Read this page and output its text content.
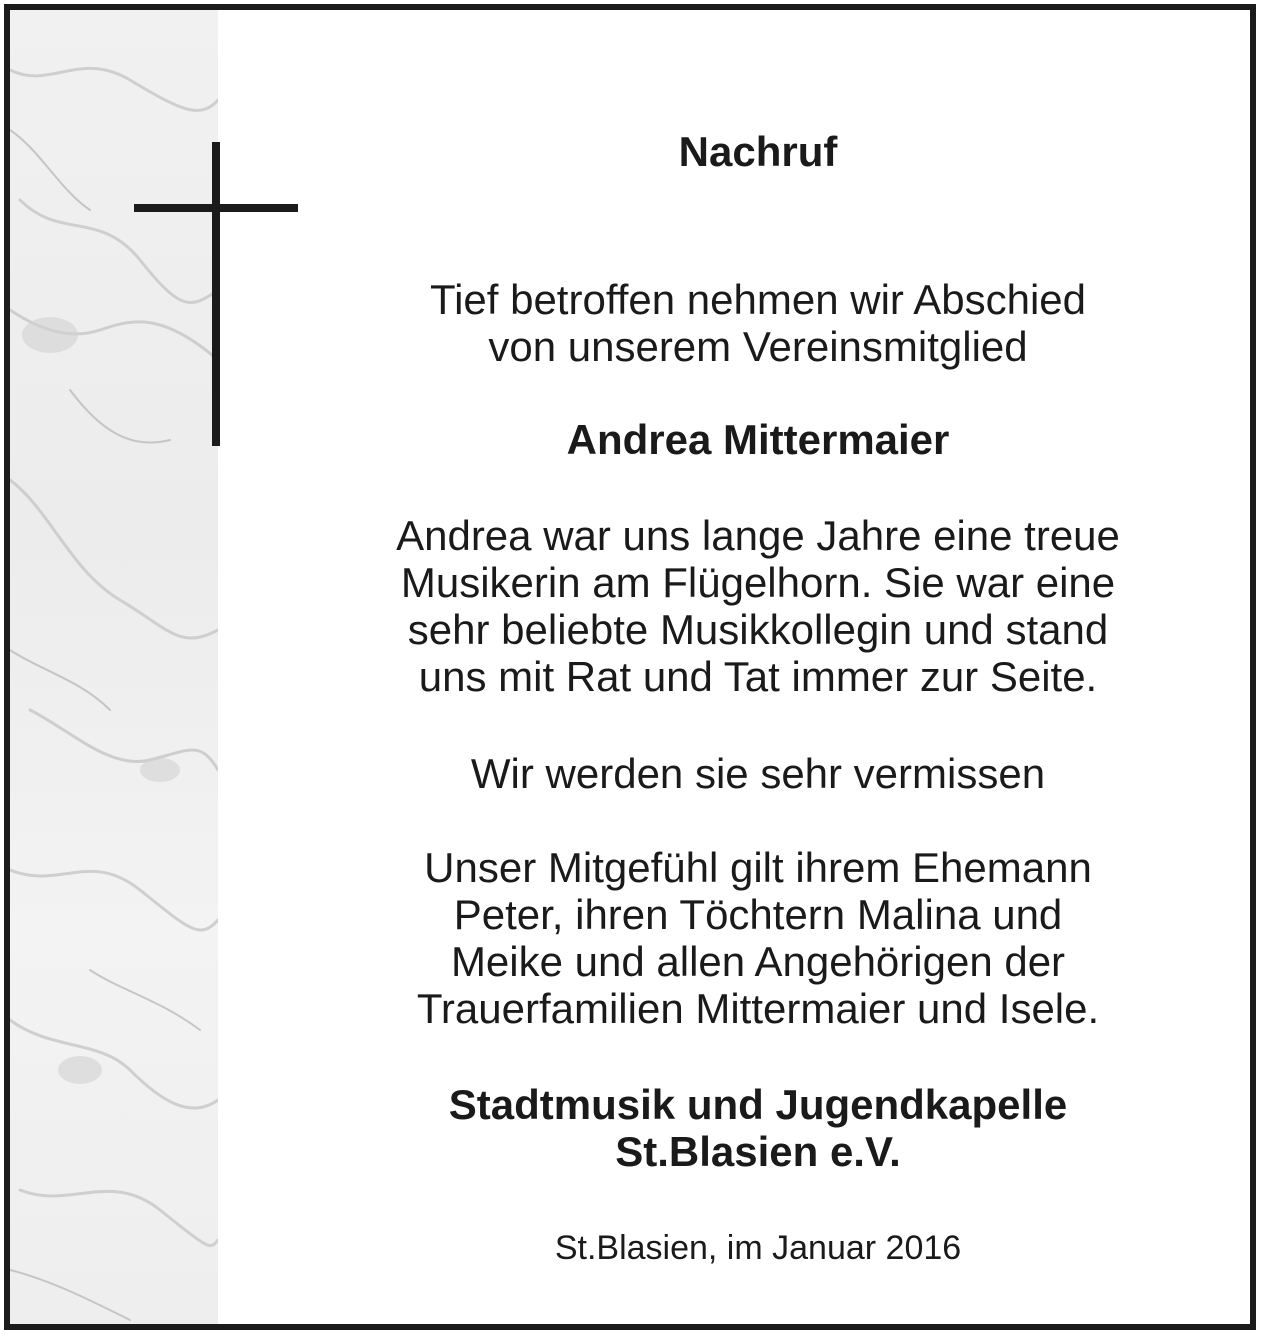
Nachruf

Tief betroffen nehmen wir Abschied
von unserem Vereinsmitglied

Andrea Mittermaier

Andrea war uns lange Jahre eine treue
Musikerin am Flügelhorn. Sie war eine
sehr beliebte Musikkollegin und stand
uns mit Rat und Tat immer zur Seite.

Wir werden sie sehr vermissen

Unser Mitgefühl gilt ihrem Ehemann
Peter, ihren Töchtern Malina und
Meike und allen Angehörigen der
Trauerfamilien Mittermaier und Isele.

Stadtmusik und Jugendkapelle
St.Blasien e.V.

St.Blasien, im Januar 2016
